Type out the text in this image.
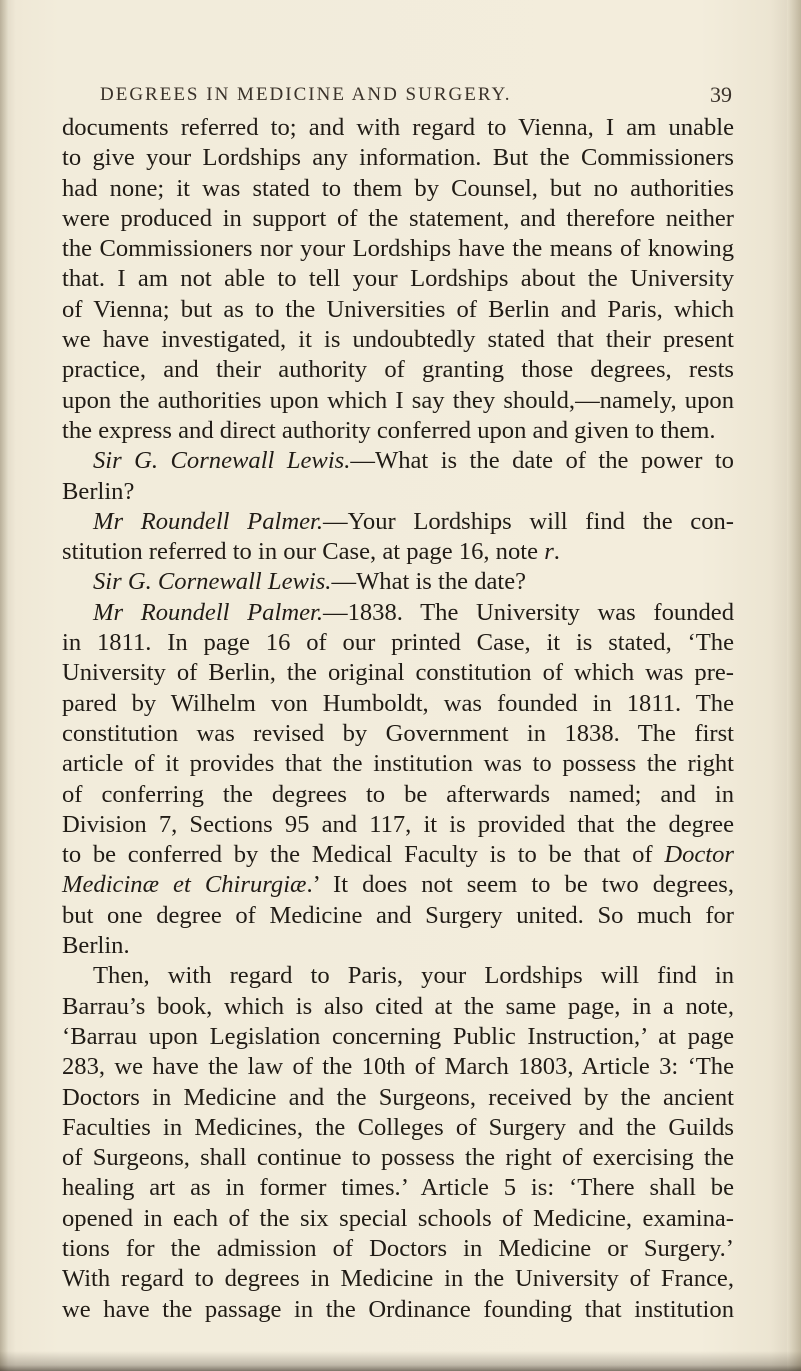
DEGREES IN MEDICINE AND SURGERY.	39
documents referred to; and with regard to Vienna, I am unable
to give your Lordships any information. But the Commissioners
had none; it was stated to them by Counsel, but no authorities
were produced in support of the statement, and therefore neither
the Commissioners nor your Lordships have the means of knowing
that. I am not able to tell your Lordships about the University
of Vienna; but as to the Universities of Berlin and Paris, which
we have investigated, it is undoubtedly stated that their present
practice, and their authority of granting those degrees, rests
upon the authorities upon which I say they should,—namely, upon
the express and direct authority conferred upon and given to them.
Sir G. Cornewall Lewis.—What is the date of the power to
Berlin?
Mr Roundell Palmer.—Your Lordships will find the con-
stitution referred to in our Case, at page 16, note r.
Sir G. Cornewall Lewis.—What is the date?
Mr Roundell Palmer.—1838. The University was founded
in 1811. In page 16 of our printed Case, it is stated, ‘The
University of Berlin, the original constitution of which was pre-
pared by Wilhelm von Humboldt, was founded in 1811. The
constitution was revised by Government in 1838. The first
article of it provides that the institution was to possess the right
of conferring the degrees to be afterwards named; and in
Division 7, Sections 95 and 117, it is provided that the degree
to be conferred by the Medical Faculty is to be that of Doctor
Medicinæ et Chirurgiæ.’ It does not seem to be two degrees,
but one degree of Medicine and Surgery united. So much for
Berlin.
Then, with regard to Paris, your Lordships will find in
Barrau’s book, which is also cited at the same page, in a note,
‘Barrau upon Legislation concerning Public Instruction,’ at page
283, we have the law of the 10th of March 1803, Article 3: ‘The
Doctors in Medicine and the Surgeons, received by the ancient
Faculties in Medicines, the Colleges of Surgery and the Guilds
of Surgeons, shall continue to possess the right of exercising the
healing art as in former times.’ Article 5 is: ‘There shall be
opened in each of the six special schools of Medicine, examina-
tions for the admission of Doctors in Medicine or Surgery.’
With regard to degrees in Medicine in the University of France,
we have the passage in the Ordinance founding that institution
